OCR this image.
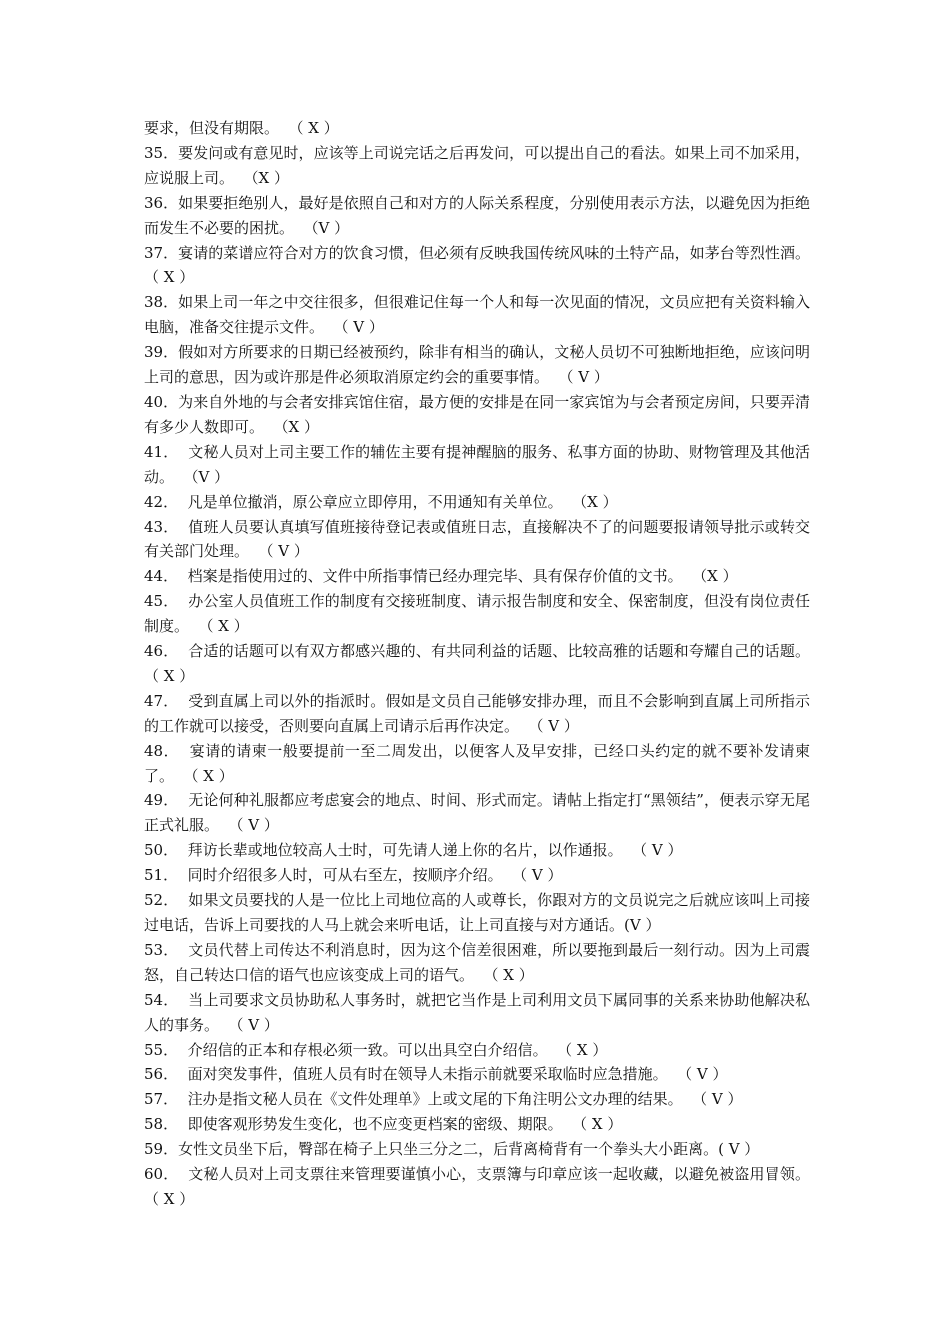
要求，但没有期限。  （ X ）

35．要发问或有意见时，应该等上司说完话之后再发问，可以提出自己的看法。如果上司不加采用，应说服上司。  （X ）

36．如果要拒绝别人，最好是依照自己和对方的人际关系程度，分别使用表示方法，以避免因为拒绝而发生不必要的困扰。  （V ）

37．宴请的菜谱应符合对方的饮食习惯，但必须有反映我国传统风味的土特产品，如茅台等烈性酒。  （ X ）

38．如果上司一年之中交往很多，但很难记住每一个人和每一次见面的情况，文员应把有关资料输入电脑，准备交往提示文件。  （ V ）

39．假如对方所要求的日期已经被预约，除非有相当的确认，文秘人员切不可独断地拒绝，应该问明上司的意思，因为或许那是件必须取消原定约会的重要事情。  （ V ）

40．为来自外地的与会者安排宾馆住宿，最方便的安排是在同一家宾馆为与会者预定房间，只要弄清有多少人数即可。  （X ）

41．  文秘人员对上司主要工作的辅佐主要有提神醒脑的服务、私事方面的协助、财物管理及其他活动。  （V ）

42．  凡是单位撤消，原公章应立即停用，不用通知有关单位。  （X ）

43．  值班人员要认真填写值班接待登记表或值班日志，直接解决不了的问题要报请领导批示或转交有关部门处理。  （ V ）

44．  档案是指使用过的、文件中所指事情已经办理完毕、具有保存价值的文书。  （X ）

45．  办公室人员值班工作的制度有交接班制度、请示报告制度和安全、保密制度，但没有岗位责任制度。  （ X ）

46．  合适的话题可以有双方都感兴趣的、有共同利益的话题、比较高雅的话题和夸耀自己的话题。  （ X ）

47．  受到直属上司以外的指派时。假如是文员自己能够安排办理，而且不会影响到直属上司所指示的工作就可以接受，否则要向直属上司请示后再作决定。  （ V ）

48．  宴请的请柬一般要提前一至二周发出，以便客人及早安排，已经口头约定的就不要补发请柬了。  （ X ）

49．  无论何种礼服都应考虑宴会的地点、时间、形式而定。请帖上指定打“黑领结”，便表示穿无尾正式礼服。  （ V ）

50．  拜访长辈或地位较高人士时，可先请人递上你的名片，以作通报。  （ V ）

51．  同时介绍很多人时，可从右至左，按顺序介绍。  （ V ）

52．  如果文员要找的人是一位比上司地位高的人或尊长，你跟对方的文员说完之后就应该叫上司接过电话，告诉上司要找的人马上就会来听电话，让上司直接与对方通话。(V ）

53．  文员代替上司传达不利消息时，因为这个信差很困难，所以要拖到最后一刻行动。因为上司震怒，自己转达口信的语气也应该变成上司的语气。  （ X ）

54．  当上司要求文员协助私人事务时，就把它当作是上司利用文员下属同事的关系来协助他解决私人的事务。  （ V ）

55．  介绍信的正本和存根必须一致。可以出具空白介绍信。  （ X ）

56．  面对突发事件，值班人员有时在领导人未指示前就要采取临时应急措施。  （ V ）

57．  注办是指文秘人员在《文件处理单》上或文尾的下角注明公文办理的结果。  （ V ）

58．  即使客观形势发生变化，也不应变更档案的密级、期限。  （ X ）

59．女性文员坐下后，臀部在椅子上只坐三分之二，后背离椅背有一个拳头大小距离。( V ）

60．  文秘人员对上司支票往来管理要谨慎小心，支票簿与印章应该一起收藏，以避免被盗用冒领。  （ X ）
